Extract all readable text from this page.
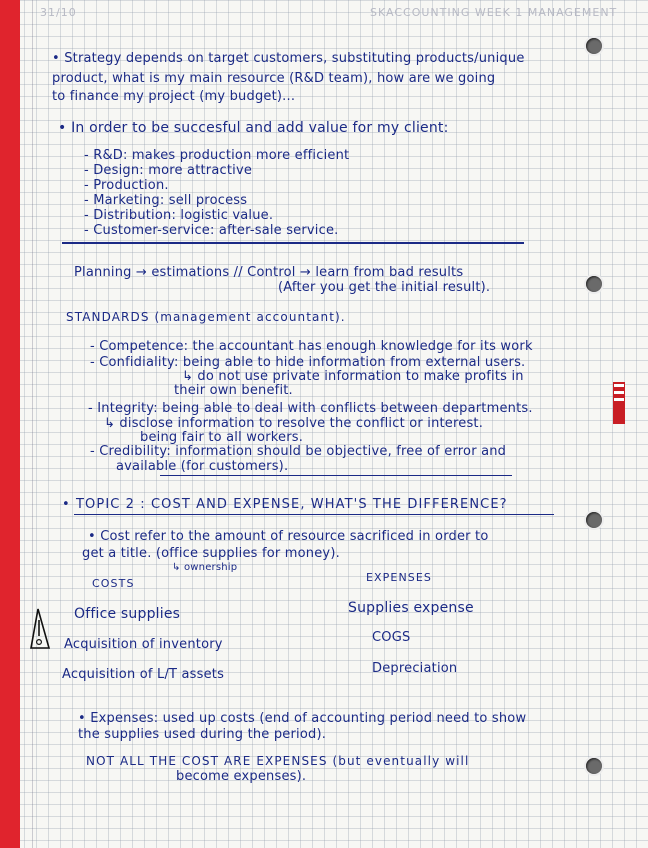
31/10	SKACCOUNTING WEEK 1 MANAGEMENT
• Strategy depends on target customers, substituting products/unique
product, what is my main resource (R&D team), how are we going
to finance my project (my budget)...
• In order to be succesful and add value for my client:
- R&D: makes production more efficient
- Design: more attractive
- Production.
- Marketing: sell process
- Distribution: logistic value.
- Customer-service: after-sale service.
Planning → estimations // Control → learn from bad results
(After you get the initial result).
STANDARDS (management accountant).
- Competence: the accountant has enough knowledge for its work
- Confidiality: being able to hide information from external users.
↳ do not use private information to make profits in
their own benefit.
- Integrity: being able to deal with conflicts between departments.
↳ disclose information to resolve the conflict or interest.
being fair to all workers.
- Credibility: information should be objective, free of error and
available (for customers).
• TOPIC 2 : COST AND EXPENSE, WHAT'S THE DIFFERENCE?
• Cost refer to the amount of resource sacrificed in order to
get a title. (office supplies for money).
↳ ownership
COSTS	EXPENSES
Office supplies	Supplies expense
Acquisition of inventory	COGS
Acquisition of L/T assets	Depreciation
• Expenses: used up costs (end of accounting period need to show
the supplies used during the period).
NOT ALL THE COST ARE EXPENSES (but eventually will
become expenses).
